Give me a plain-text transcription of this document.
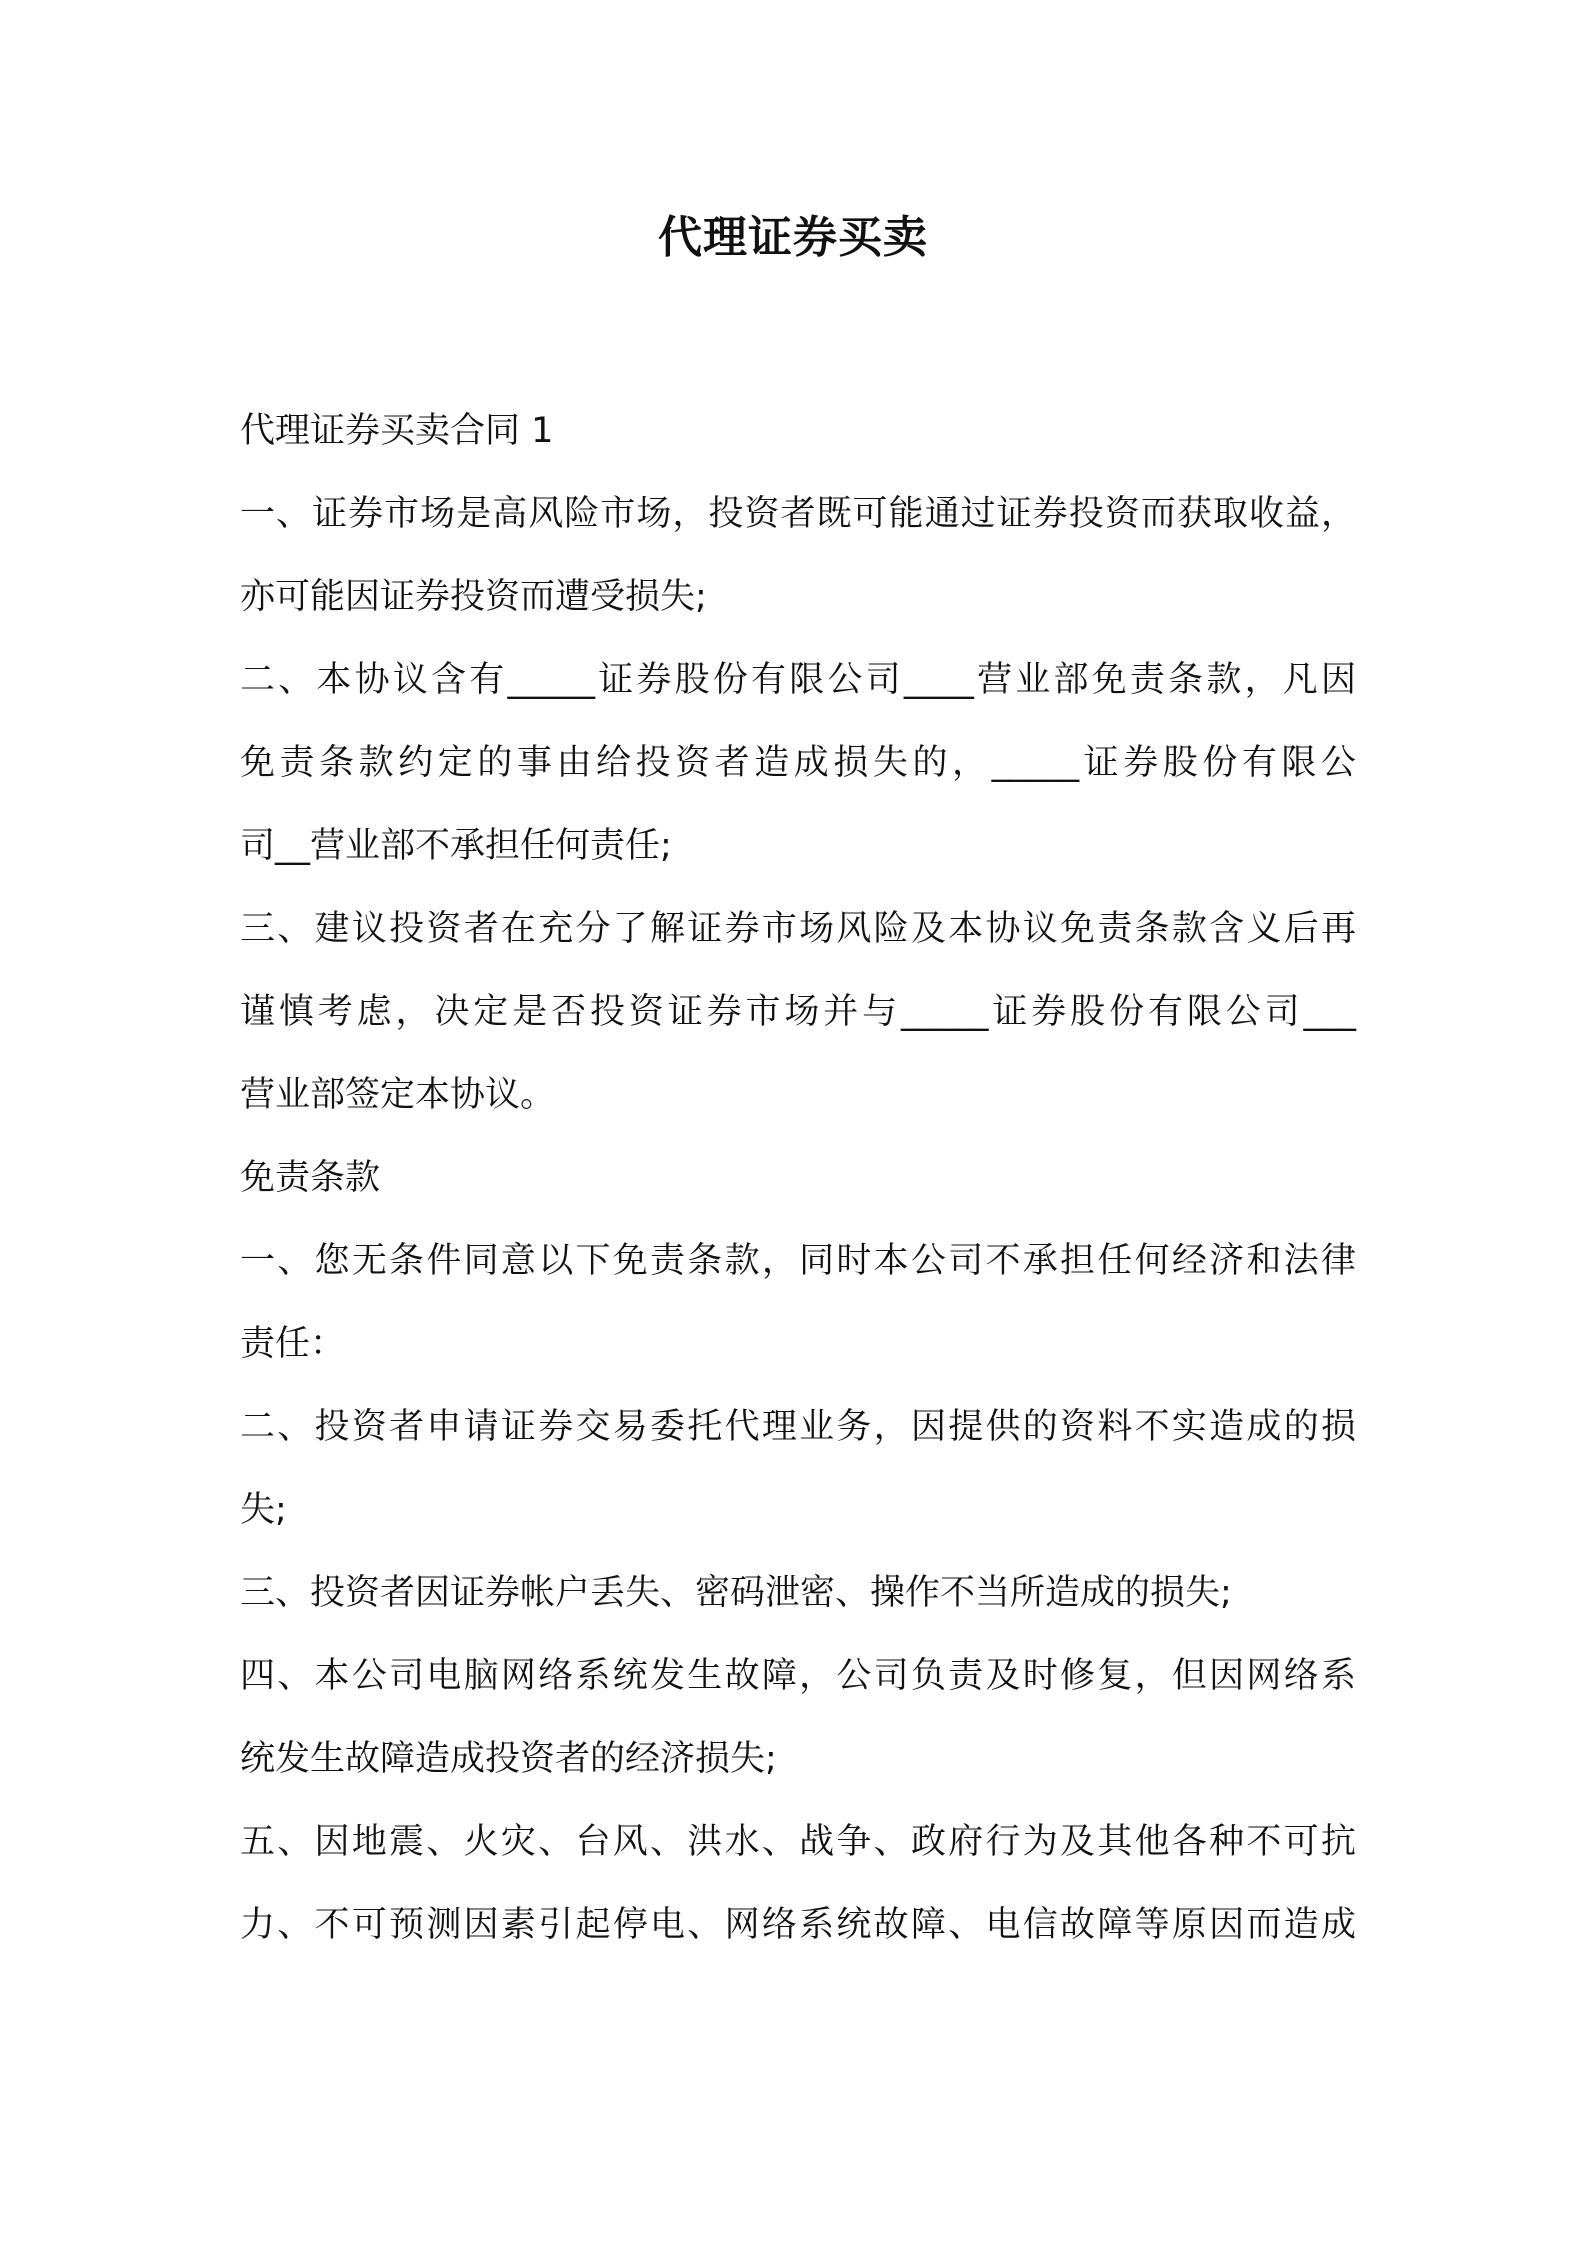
代理证券买卖
代理证券买卖合同 1
一、证券市场是高风险市场，投资者既可能通过证券投资而获取收益，
亦可能因证券投资而遭受损失;
二、本协议含有_____证券股份有限公司____营业部免责条款，凡因
免责条款约定的事由给投资者造成损失的，_____证券股份有限公
司__营业部不承担任何责任;
三、建议投资者在充分了解证券市场风险及本协议免责条款含义后再
谨慎考虑，决定是否投资证券市场并与_____证券股份有限公司___
营业部签定本协议。
免责条款
一、您无条件同意以下免责条款，同时本公司不承担任何经济和法律
责任：
二、投资者申请证券交易委托代理业务，因提供的资料不实造成的损
失;
三、投资者因证券帐户丢失、密码泄密、操作不当所造成的损失;
四、本公司电脑网络系统发生故障，公司负责及时修复，但因网络系
统发生故障造成投资者的经济损失;
五、因地震、火灾、台风、洪水、战争、政府行为及其他各种不可抗
力、不可预测因素引起停电、网络系统故障、电信故障等原因而造成
